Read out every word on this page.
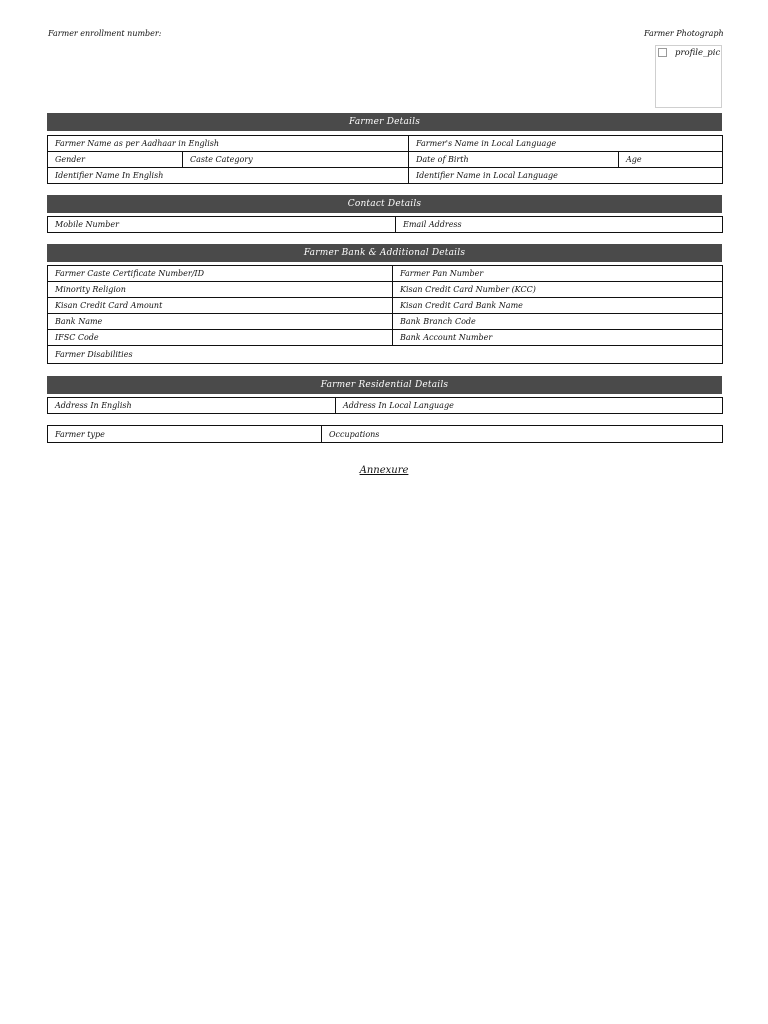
Farmer enrollment number:	Farmer Photograph
profile_pic
Farmer Details
Farmer Name as per Aadhaar in English		Farmer's Name in Local Language	
Gender	Caste Category	Date of Birth	Age
Identifier Name In English		Identifier Name in Local Language	
Contact Details
Mobile Number	Email Address
Farmer Bank & Additional Details
Farmer Caste Certificate Number/ID	Farmer Pan Number
Minority Religion	Kisan Credit Card Number (KCC)
Kisan Credit Card Amount	Kisan Credit Card Bank Name
Bank Name	Bank Branch Code
IFSC Code	Bank Account Number
Farmer Disabilities	
Farmer Residential Details
Address In English	Address In Local Language
Farmer type	Occupations
Annexure
